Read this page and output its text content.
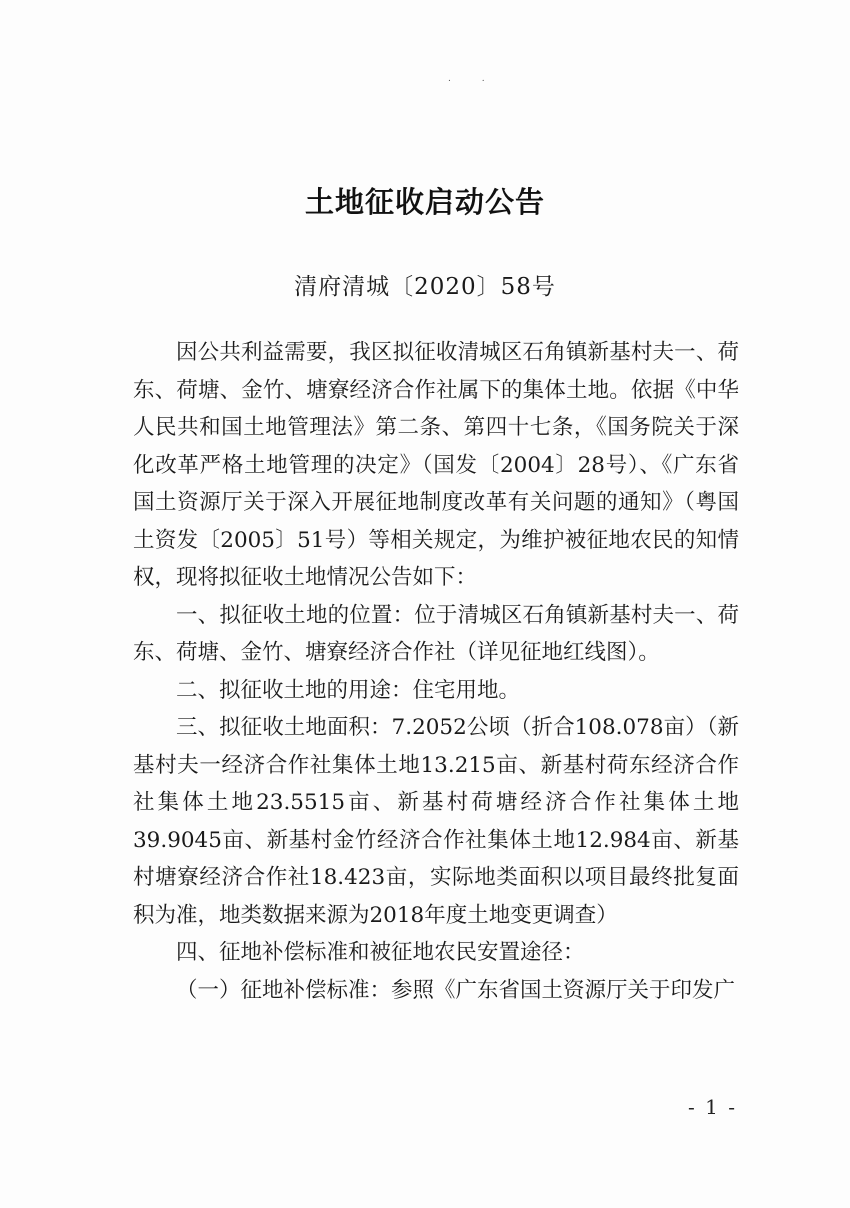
. .
土地征收启动公告
清府清城〔2020〕58号

因公共利益需要，我区拟征收清城区石角镇新基村夫一、荷东、荷塘、金竹、塘寮经济合作社属下的集体土地。依据《中华人民共和国土地管理法》第二条、第四十七条，《国务院关于深化改革严格土地管理的决定》（国发〔2004〕28号）、《广东省国土资源厅关于深入开展征地制度改革有关问题的通知》（粤国土资发〔2005〕51号）等相关规定，为维护被征地农民的知情权，现将拟征收土地情况公告如下：

一、拟征收土地的位置：位于清城区石角镇新基村夫一、荷东、荷塘、金竹、塘寮经济合作社（详见征地红线图）。

二、拟征收土地的用途：住宅用地。

三、拟征收土地面积：7.2052公顷（折合108.078亩）（新基村夫一经济合作社集体土地13.215亩、新基村荷东经济合作社集体土地23.5515亩、新基村荷塘经济合作社集体土地39.9045亩、新基村金竹经济合作社集体土地12.984亩、新基村塘寮经济合作社18.423亩，实际地类面积以项目最终批复面积为准，地类数据来源为2018年度土地变更调查）

四、征地补偿标准和被征地农民安置途径：

（一）征地补偿标准：参照《广东省国土资源厅关于印发广

- 1 -
